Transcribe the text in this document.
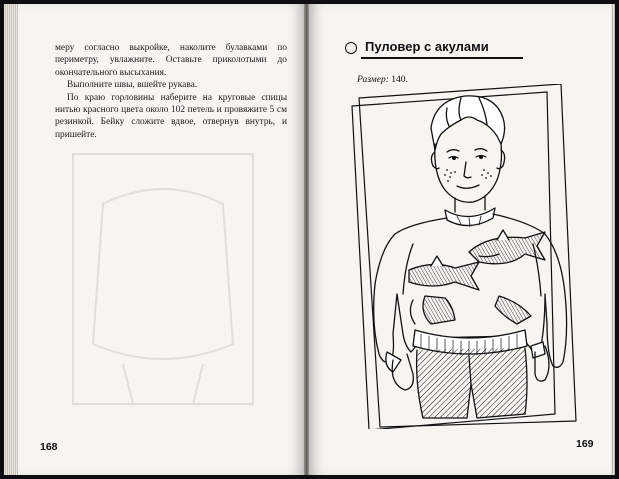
меру согласно выкройке, наколите булавками по периметру, увлажните. Оставьте приколотыми до окончательного высыхания.

Выполните швы, вшейте рукава.

По краю горловины наберите на круговые спицы нитью красного цвета около 102 петель и провяжите 5 см резинкой. Бейку сложите вдвое, отвернув внутрь, и пришейте.

168
Пуловер с акулами
Размер: 140.
169
